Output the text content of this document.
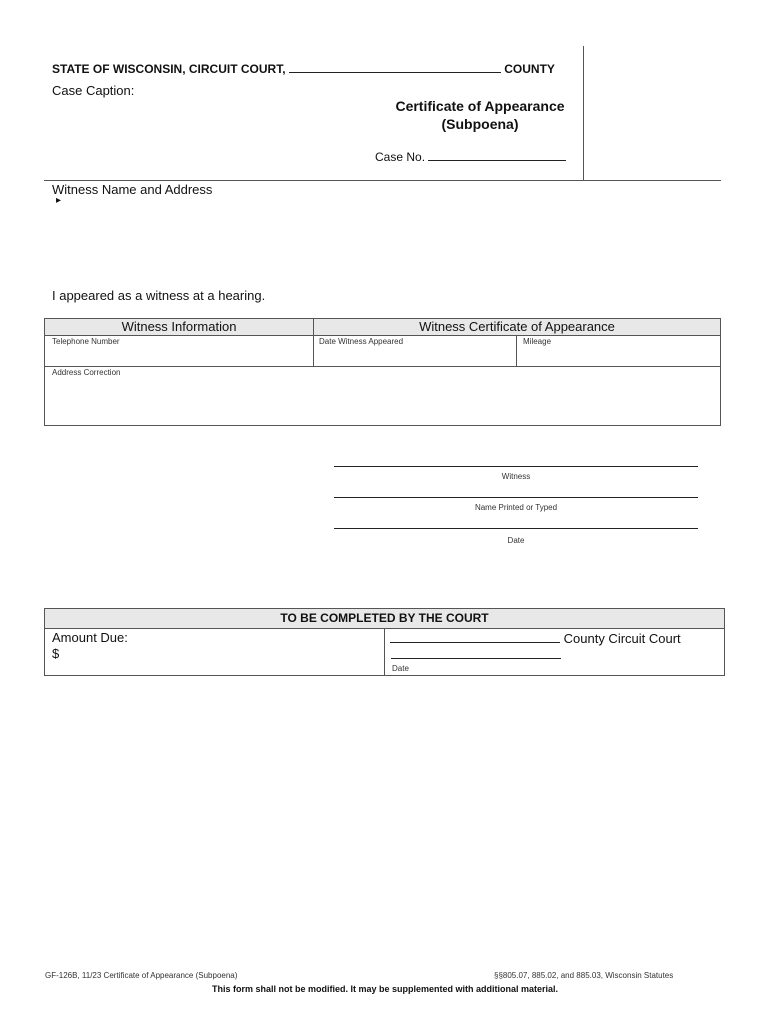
STATE OF WISCONSIN, CIRCUIT COURT,	COUNTY
Case Caption:
Certificate of Appearance
(Subpoena)
Case No.
Witness Name and Address
▸
I appeared as a witness at a hearing.
Witness Information	Witness Certificate of Appearance
Telephone Number	Date Witness Appeared	Mileage
Address Correction
Witness
Name Printed or Typed
Date
TO BE COMPLETED BY THE COURT
Amount Due:
$
County Circuit Court
Date
GF-126B, 11/23 Certificate of Appearance (Subpoena)	§§805.07, 885.02, and 885.03, Wisconsin Statutes
This form shall not be modified. It may be supplemented with additional material.
